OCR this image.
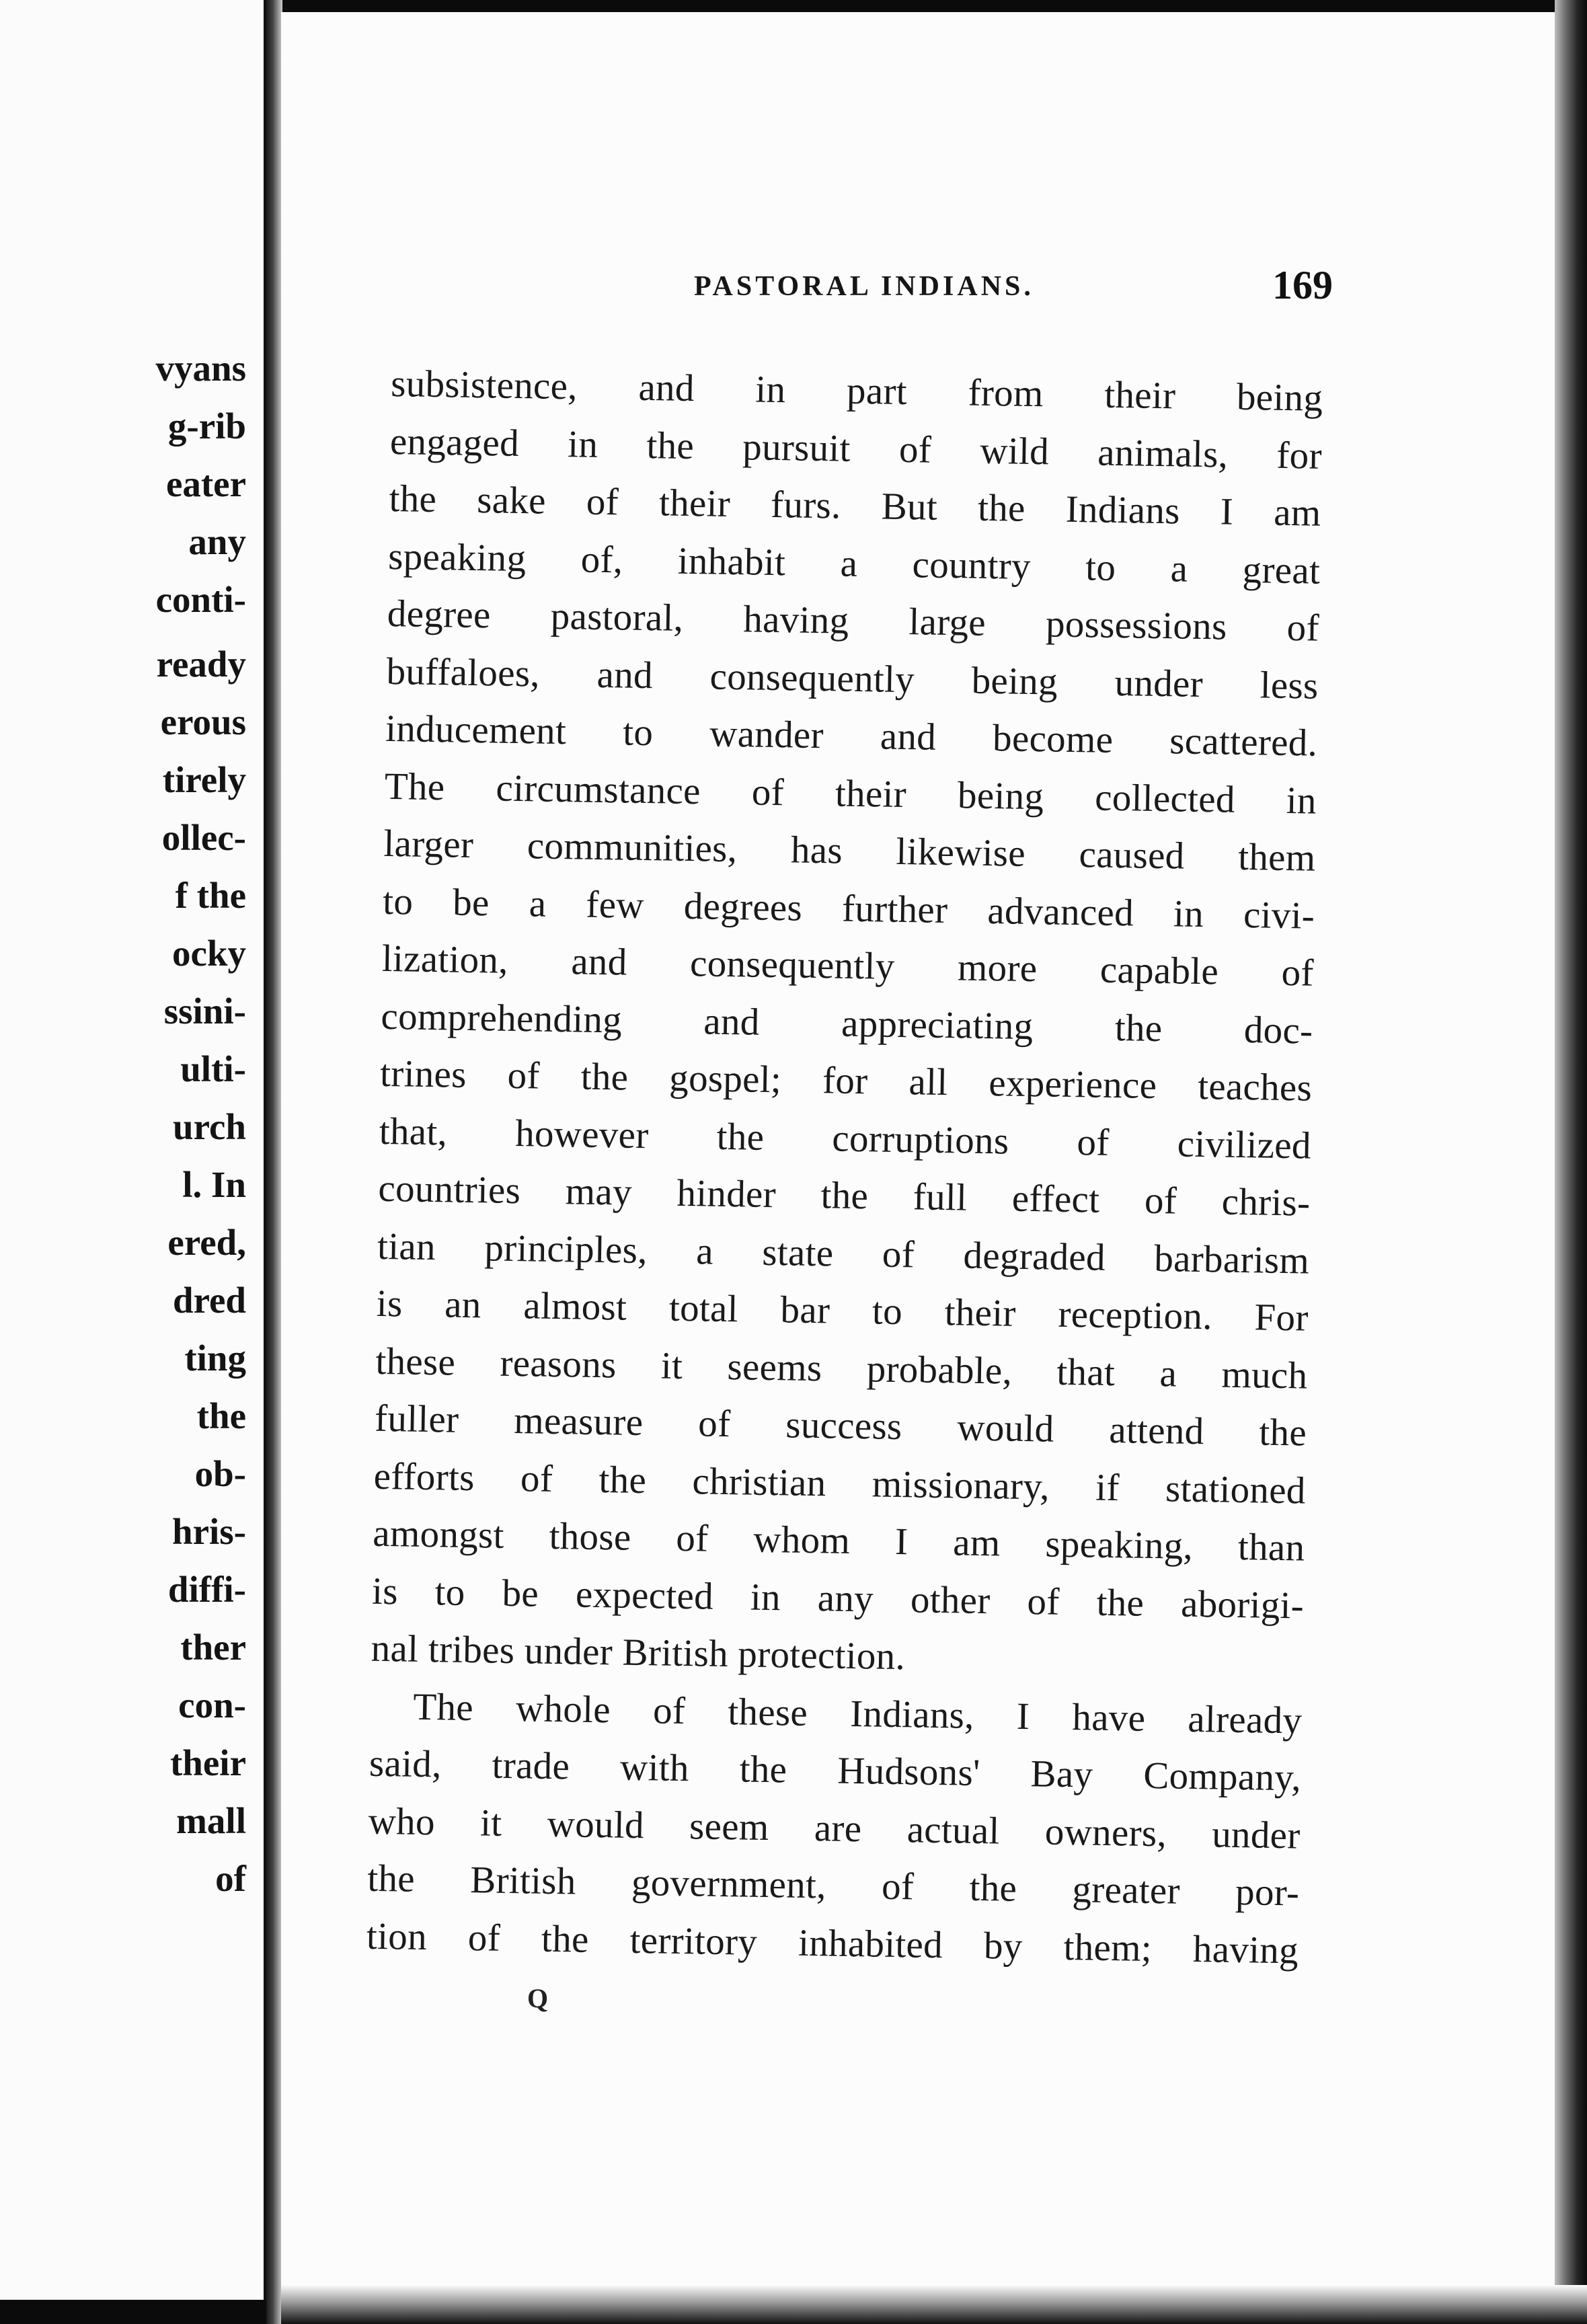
vyans
g-rib
eater
any
conti-
ready
erous
tirely
ollec-
f the
ocky
ssini-
ulti-
urch
l. In
ered,
dred
ting
the
ob-
hris-
diffi-
ther
con-
their
mall
of
PASTORAL INDIANS.	169
subsistence, and in part from their being
engaged in the pursuit of wild animals, for
the sake of their furs. But the Indians I am
speaking of, inhabit a country to a great
degree pastoral, having large possessions of
buffaloes, and consequently being under less
inducement to wander and become scattered.
The circumstance of their being collected in
larger communities, has likewise caused them
to be a few degrees further advanced in civi-
lization, and consequently more capable of
comprehending and appreciating the doc-
trines of the gospel; for all experience teaches
that, however the corruptions of civilized
countries may hinder the full effect of chris-
tian principles, a state of degraded barbarism
is an almost total bar to their reception. For
these reasons it seems probable, that a much
fuller measure of success would attend the
efforts of the christian missionary, if stationed
amongst those of whom I am speaking, than
is to be expected in any other of the aborigi-
nal tribes under British protection.
The whole of these Indians, I have already
said, trade with the Hudsons' Bay Company,
who it would seem are actual owners, under
the British government, of the greater por-
tion of the territory inhabited by them; having
Q
